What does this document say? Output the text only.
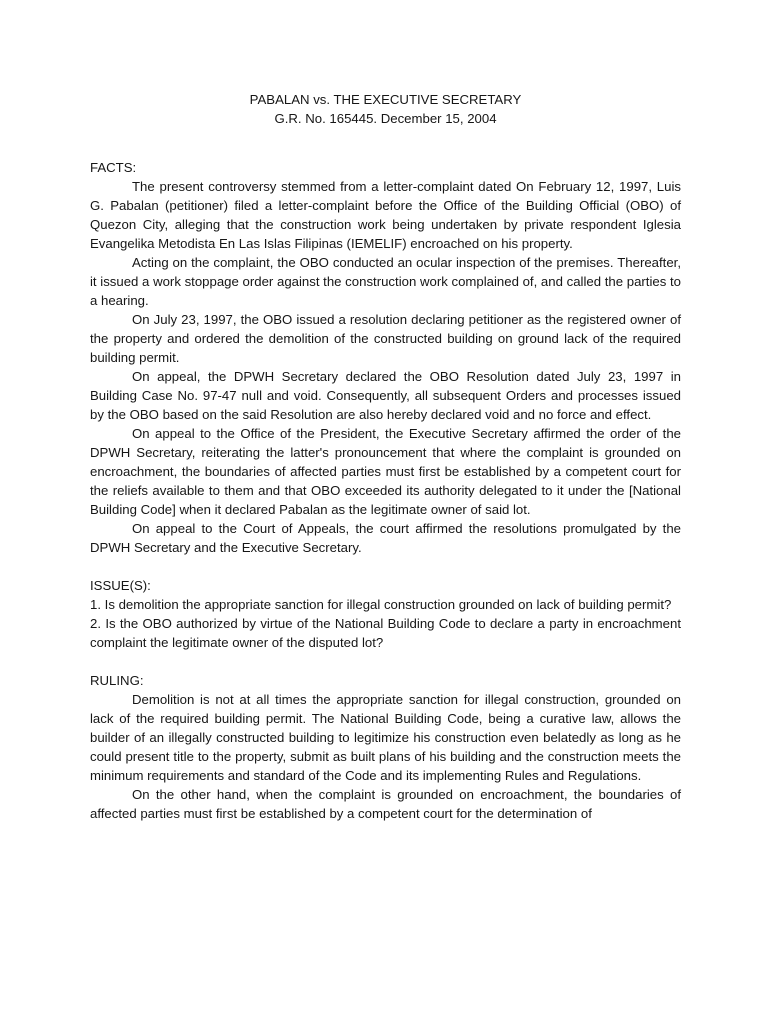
PABALAN vs. THE EXECUTIVE SECRETARY

G.R. No. 165445. December 15, 2004

FACTS:

The present controversy stemmed from a letter-complaint dated On February 12, 1997, Luis G. Pabalan (petitioner) filed a letter-complaint before the Office of the Building Official (OBO) of Quezon City, alleging that the construction work being undertaken by private respondent Iglesia Evangelika Metodista En Las Islas Filipinas (IEMELIF) encroached on his property.

Acting on the complaint, the OBO conducted an ocular inspection of the premises. Thereafter, it issued a work stoppage order against the construction work complained of, and called the parties to a hearing.

On July 23, 1997, the OBO issued a resolution declaring petitioner as the registered owner of the property and ordered the demolition of the constructed building on ground lack of the required building permit.

On appeal, the DPWH Secretary declared the OBO Resolution dated July 23, 1997 in Building Case No. 97-47 null and void. Consequently, all subsequent Orders and processes issued by the OBO based on the said Resolution are also hereby declared void and no force and effect.

On appeal to the Office of the President, the Executive Secretary affirmed the order of the DPWH Secretary, reiterating the latter's pronouncement that where the complaint is grounded on encroachment, the boundaries of affected parties must first be established by a competent court for the reliefs available to them and that OBO exceeded its authority delegated to it under the [National Building Code] when it declared Pabalan as the legitimate owner of said lot.

On appeal to the Court of Appeals, the court affirmed the resolutions promulgated by the DPWH Secretary and the Executive Secretary.

ISSUE(S):

1. Is demolition the appropriate sanction for illegal construction grounded on lack of building permit?

2. Is the OBO authorized by virtue of the National Building Code to declare a party in encroachment complaint the legitimate owner of the disputed lot?

RULING:

Demolition is not at all times the appropriate sanction for illegal construction, grounded on lack of the required building permit. The National Building Code, being a curative law, allows the builder of an illegally constructed building to legitimize his construction even belatedly as long as he could present title to the property, submit as built plans of his building and the construction meets the minimum requirements and standard of the Code and its implementing Rules and Regulations.

On the other hand, when the complaint is grounded on encroachment, the boundaries of affected parties must first be established by a competent court for the determination of
